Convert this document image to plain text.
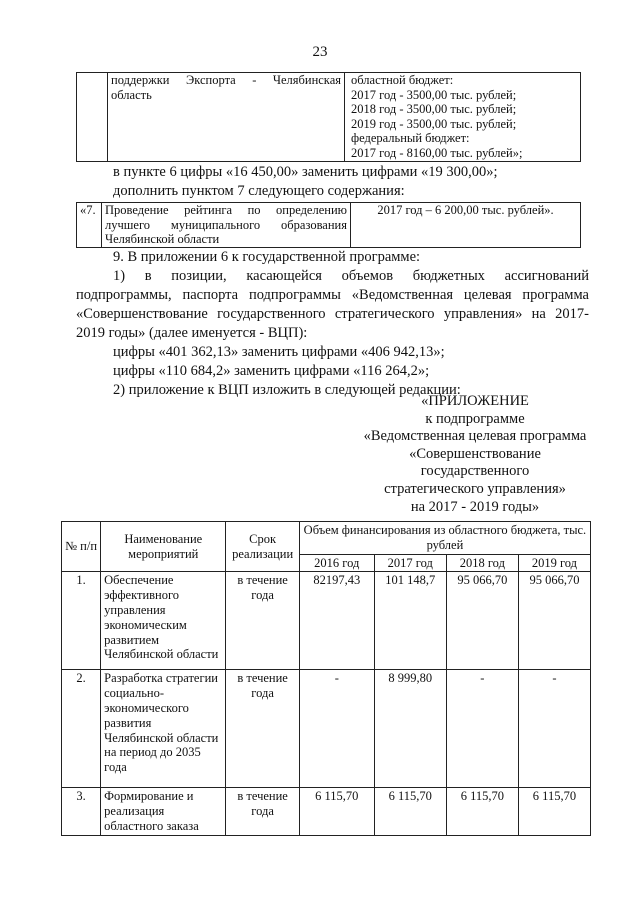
23
	поддержки Экспорта - Челябинская область	
областной бюджет:
2017 год - 3500,00 тыс. рублей;
2018 год - 3500,00 тыс. рублей;
2019 год - 3500,00 тыс. рублей;
федеральный бюджет:
2017 год - 8160,00 тыс. рублей»;
в пункте 6 цифры «16 450,00» заменить цифрами «19 300,00»;
дополнить пунктом 7 следующего содержания:
«7.	Проведение рейтинга по определению лучшего муниципального образования Челябинской области	2017 год – 6 200,00 тыс. рублей».
9. В приложении 6 к государственной программе:
1) в позиции, касающейся объемов бюджетных ассигнований
подпрограммы, паспорта подпрограммы «Ведомственная целевая программа
«Совершенствование государственного стратегического управления» на 2017-
2019 годы» (далее именуется - ВЦП):
цифры «401 362,13» заменить цифрами «406 942,13»;
цифры «110 684,2» заменить цифрами «116 264,2»;
2) приложение к ВЦП изложить в следующей редакции:
«ПРИЛОЖЕНИЕ
к подпрограмме
«Ведомственная целевая программа
«Совершенствование
государственного
стратегического управления»
на 2017 - 2019 годы»
№ п/п	Наименование мероприятий	Срок реализации	Объем финансирования из областного бюджета, тыс. рублей			
			2016 год	2017 год	2018 год	2019 год
1.	Обеспечение эффективного управления экономическим развитием Челябинской области	в течение года	82197,43	101 148,7	95 066,70	95 066,70
2.	Разработка стратегии социально-экономического развития Челябинской области на период до 2035 года	в течение года	-	8 999,80	-	-
3.	Формирование и реализация областного заказа	в течение года	6 115,70	6 115,70	6 115,70	6 115,70
